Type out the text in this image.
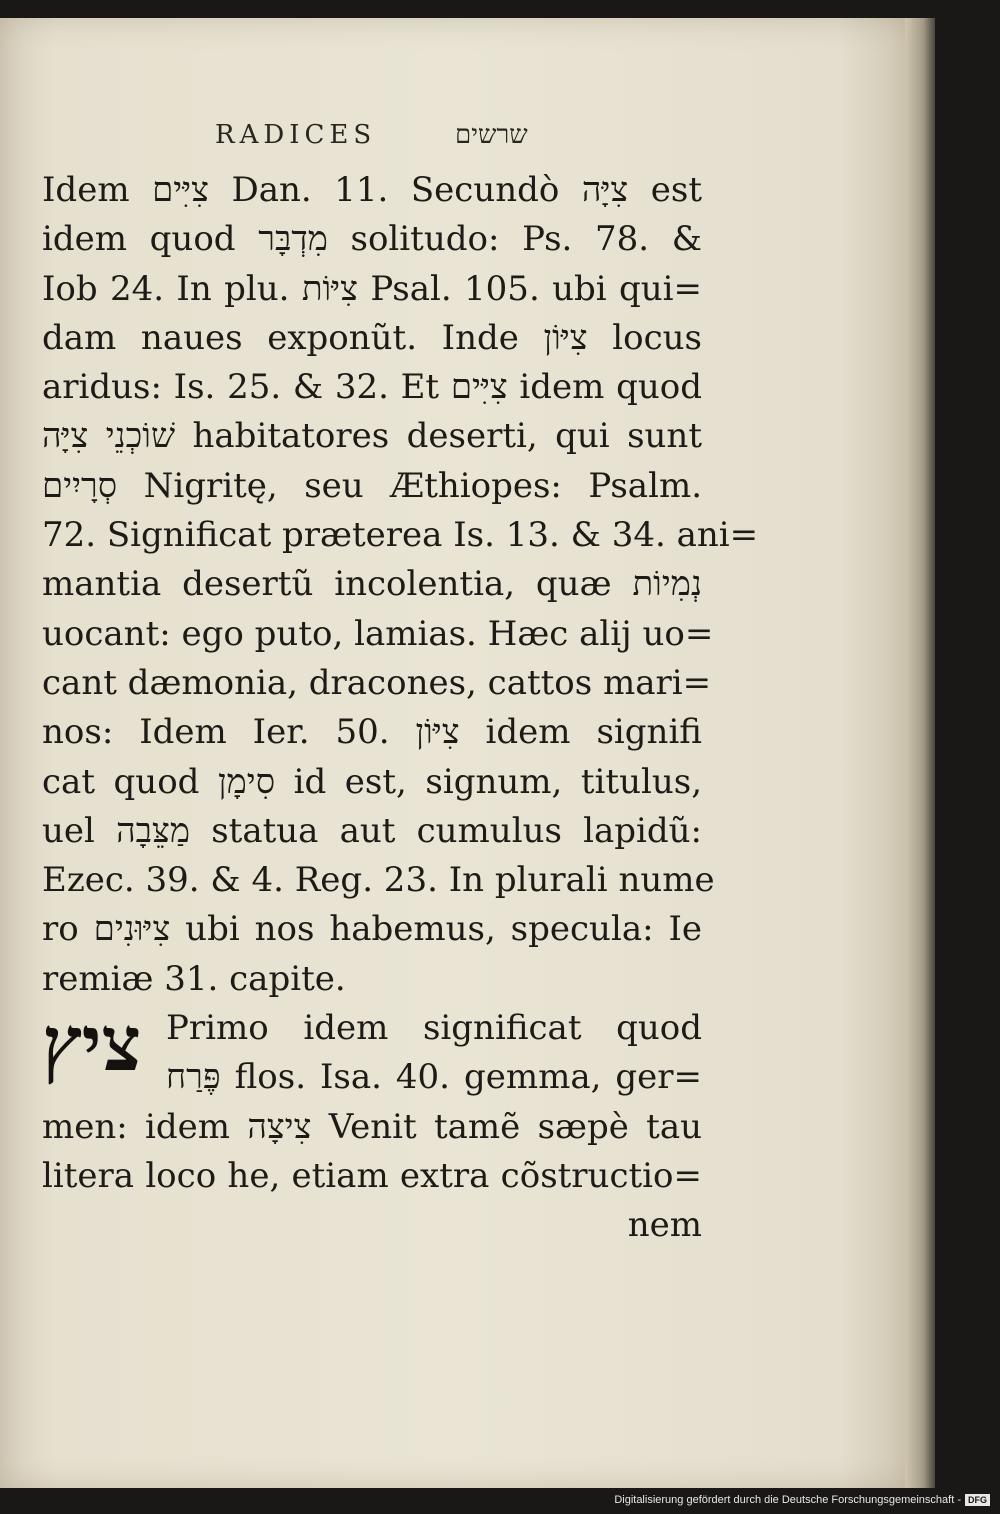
RADICES	שרשים
Idem צִיִּים Dan. 11. Secundò צִיָּה est
idem quod מִדְבָּר solitudo: Ps. 78. &
Iob 24. In plu. צִיּוֹת Psal. 105. ubi qui=
dam naues exponũt. Inde צִיּוֹן locus
aridus: Is. 25. & 32. Et צִיִּים idem quod
שׁוֹכְנֵי צִיָּה habitatores deserti, qui sunt
סְרָיִים Nigritę, seu Æthiopes: Psalm.
72. Significat prӕterea Is. 13. & 34. ani=
mantia desertũ incolentia, quӕ נְמִיוֹת
uocant: ego puto, lamias. Hӕc alij uo=
cant dӕmonia, dracones, cattos mari=
nos: Idem Ier. 50. צִיּוֹן idem signifi
cat quod סִימָן id est, signum, titulus,
uel מַצֵּבָה statua aut cumulus lapidũ:
Ezec. 39. & 4. Reg. 23. In plurali nume
ro צִיּוּנִים ubi nos habemus, specula: Ie
remiӕ 31. capite.
ציץ Primo idem significat quod
פֶּרַח flos. Isa. 40. gemma, ger=
men: idem צִיצָה Venit tamẽ sӕpè tau
litera loco he, etiam extra cõstructio=
nem
Digitalisierung gefördert durch die Deutsche Forschungsgemeinschaft - DFG
